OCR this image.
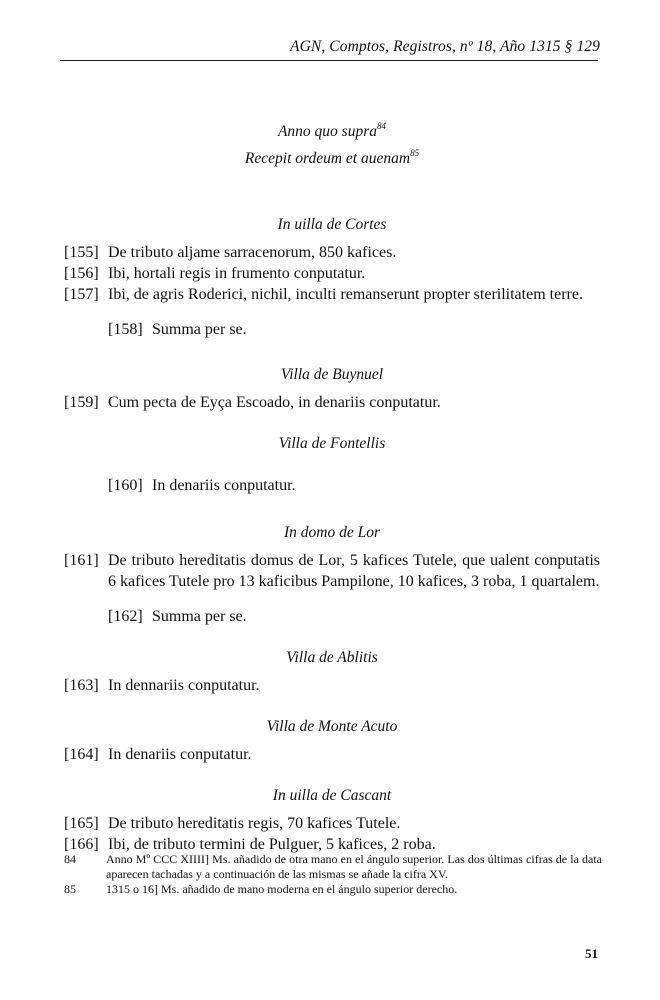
AGN, Comptos, Registros, nº 18, Año 1315 § 129
Anno quo supra$^{84}$
Recepit ordeum et auenam$^{85}$
In uilla de Cortes
[155] De tributo aljame sarracenorum, 850 kafices.
[156] Ibi, hortali regis in frumento conputatur.
[157] Ibi, de agris Roderici, nichil, inculti remanserunt propter sterilitatem terre.
[158] Summa per se.
Villa de Buynuel
[159] Cum pecta de Eyça Escoado, in denariis conputatur.
Villa de Fontellis
[160] In denariis conputatur.
In domo de Lor
[161] De tributo hereditatis domus de Lor, 5 kafices Tutele, que ualent conputatis 6 kafices Tutele pro 13 kaficibus Pampilone, 10 kafices, 3 roba, 1 quartalem.
[162] Summa per se.
Villa de Ablitis
[163] In dennariis conputatur.
Villa de Monte Acuto
[164] In denariis conputatur.
In uilla de Cascant
[165] De tributo hereditatis regis, 70 kafices Tutele.
[166] Ibi, de tributo termini de Pulguer, 5 kafices, 2 roba.
84	Anno Mº CCC XIIII] Ms. añadido de otra mano en el ángulo superior. Las dos últimas cifras de la data aparecen tachadas y a continuación de las mismas se añade la cifra XV.
85	1315 o 16] Ms. añadido de mano moderna en el ángulo superior derecho.
51
